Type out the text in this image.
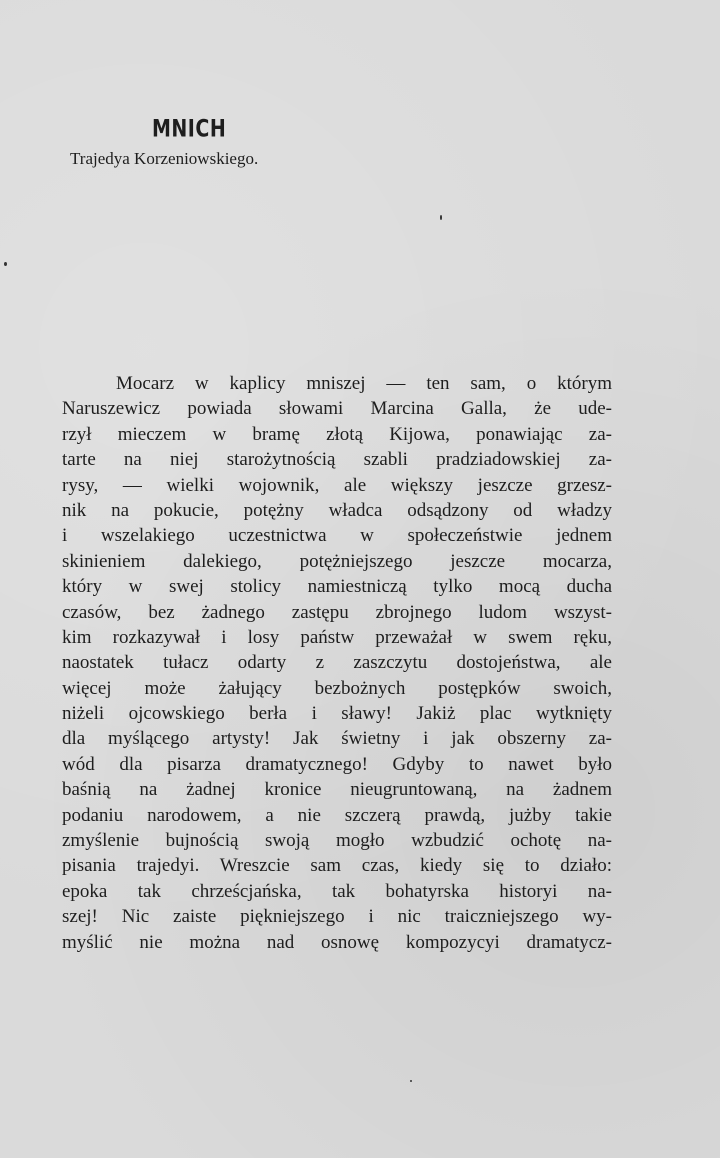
MNICH
Trajedya Korzeniowskiego.
Mocarz w kaplicy mniszej — ten sam, o którym
Naruszewicz powiada słowami Marcina Galla, że ude-
rzył mieczem w bramę złotą Kijowa, ponawiając za-
tarte na niej starożytnością szabli pradziadowskiej za-
rysy, — wielki wojownik, ale większy jeszcze grzesz-
nik na pokucie, potężny władca odsądzony od władzy
i wszelakiego uczestnictwa w społeczeństwie jednem
skinieniem dalekiego, potężniejszego jeszcze mocarza,
który w swej stolicy namiestniczą tylko mocą ducha
czasów, bez żadnego zastępu zbrojnego ludom wszyst-
kim rozkazywał i losy państw przeważał w swem ręku,
naostatek tułacz odarty z zaszczytu dostojeństwa, ale
więcej może żałujący bezbożnych postępków swoich,
niżeli ojcowskiego berła i sławy! Jakiż plac wytknięty
dla myślącego artysty! Jak świetny i jak obszerny za-
wód dla pisarza dramatycznego! Gdyby to nawet było
baśnią na żadnej kronice nieugruntowaną, na żadnem
podaniu narodowem, a nie szczerą prawdą, jużby takie
zmyślenie bujnością swoją mogło wzbudzić ochotę na-
pisania trajedyi. Wreszcie sam czas, kiedy się to działo:
epoka tak chrześcjańska, tak bohatyrska historyi na-
szej! Nic zaiste piękniejszego i nic traiczniejszego wy-
myślić nie można nad osnowę kompozycyi dramatycz-
